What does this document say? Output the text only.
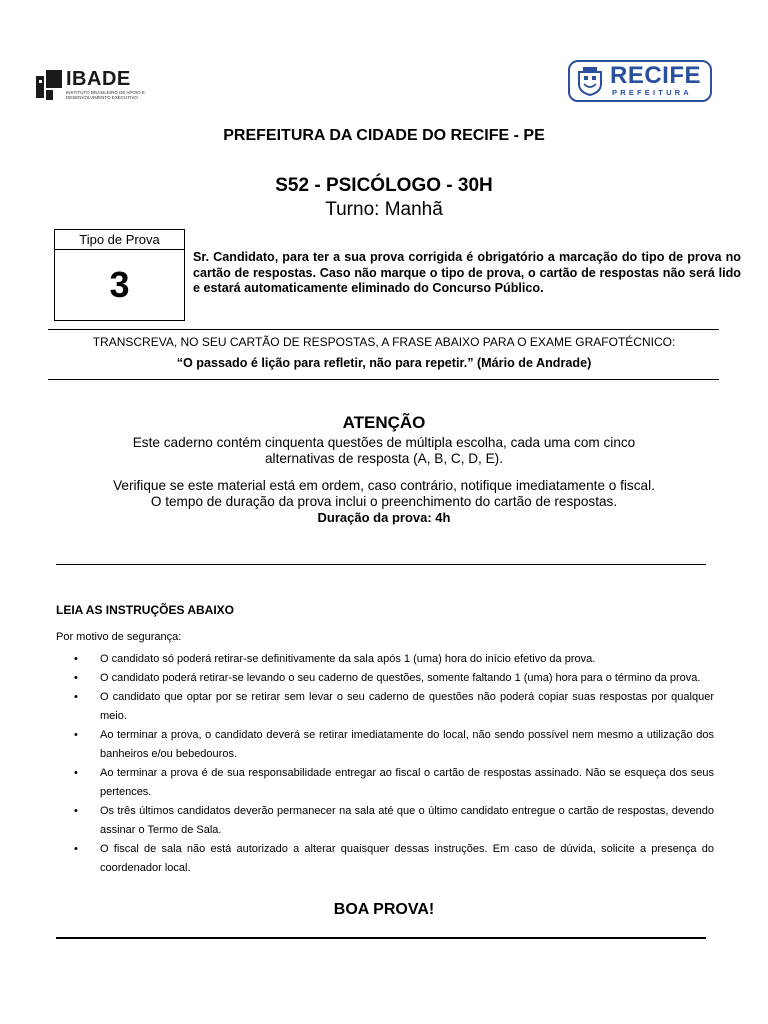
IBADE
INSTITUTO BRASILEIRO DE APOIO E DESENVOLVIMENTO EXECUTIVO
RECIFE
PREFEITURA
PREFEITURA DA CIDADE DO RECIFE - PE
S52 - PSICÓLOGO - 30H
Turno: Manhã
Tipo de Prova
3
Sr. Candidato, para ter a sua prova corrigida é obrigatório a marcação do tipo de prova no cartão de respostas. Caso não marque o tipo de prova, o cartão de respostas não será lido e estará automaticamente eliminado do Concurso Público.
TRANSCREVA, NO SEU CARTÃO DE RESPOSTAS, A FRASE ABAIXO PARA O EXAME GRAFOTÉCNICO:
“O passado é lição para refletir, não para repetir.” (Mário de Andrade)
ATENÇÃO
Este caderno contém cinquenta questões de múltipla escolha, cada uma com cinco
alternativas de resposta (A, B, C, D, E).
Verifique se este material está em ordem, caso contrário, notifique imediatamente o fiscal.
O tempo de duração da prova inclui o preenchimento do cartão de respostas.
Duração da prova: 4h
LEIA AS INSTRUÇÕES ABAIXO
Por motivo de segurança:
• O candidato só poderá retirar-se definitivamente da sala após 1 (uma) hora do início efetivo da prova.
• O candidato poderá retirar-se levando o seu caderno de questões, somente faltando 1 (uma) hora para o término da prova.
• O candidato que optar por se retirar sem levar o seu caderno de questões não poderá copiar suas respostas por qualquer meio.
• Ao terminar a prova, o candidato deverá se retirar imediatamente do local, não sendo possível nem mesmo a utilização dos banheiros e/ou bebedouros.
• Ao terminar a prova é de sua responsabilidade entregar ao fiscal o cartão de respostas assinado. Não se esqueça dos seus pertences.
• Os três últimos candidatos deverão permanecer na sala até que o último candidato entregue o cartão de respostas, devendo assinar o Termo de Sala.
• O fiscal de sala não está autorizado a alterar quaisquer dessas instruções. Em caso de dúvida, solicite a presença do coordenador local.
BOA PROVA!
